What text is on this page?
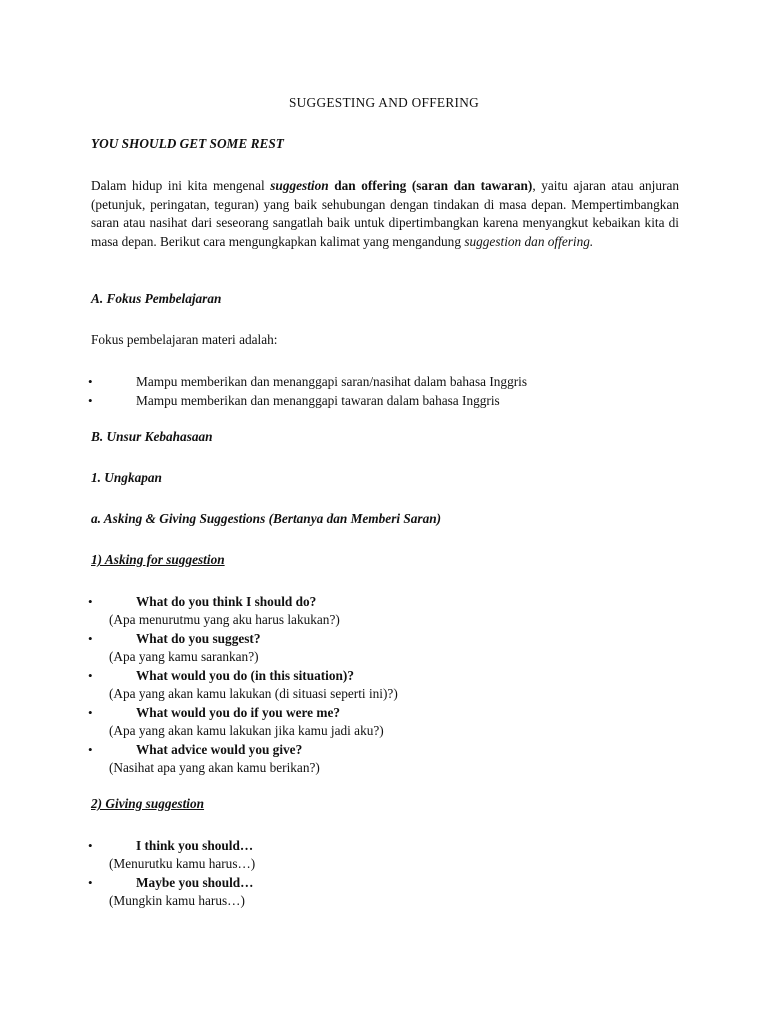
SUGGESTING AND OFFERING
YOU SHOULD GET SOME REST
Dalam hidup ini kita mengenal suggestion dan offering (saran dan tawaran), yaitu ajaran atau anjuran (petunjuk, peringatan, teguran) yang baik sehubungan dengan tindakan di masa depan. Mempertimbangkan saran atau nasihat dari seseorang sangatlah baik untuk dipertimbangkan karena menyangkut kebaikan kita di masa depan. Berikut cara mengungkapkan kalimat yang mengandung suggestion dan offering.
A. Fokus Pembelajaran
Fokus pembelajaran materi adalah:
•	Mampu memberikan dan menanggapi saran/nasihat dalam bahasa Inggris
•	Mampu memberikan dan menanggapi tawaran dalam bahasa Inggris
B. Unsur Kebahasaan
1. Ungkapan
a. Asking & Giving Suggestions (Bertanya dan Memberi Saran)
1) Asking for suggestion
•	What do you think I should do?
(Apa menurutmu yang aku harus lakukan?)
•	What do you suggest?
(Apa yang kamu sarankan?)
•	What would you do (in this situation)?
(Apa yang akan kamu lakukan (di situasi seperti ini)?)
•	What would you do if you were me?
(Apa yang akan kamu lakukan jika kamu jadi aku?)
•	What advice would you give?
(Nasihat apa yang akan kamu berikan?)
2) Giving suggestion
•	I think you should…
(Menurutku kamu harus…)
•	Maybe you should…
(Mungkin kamu harus…)
